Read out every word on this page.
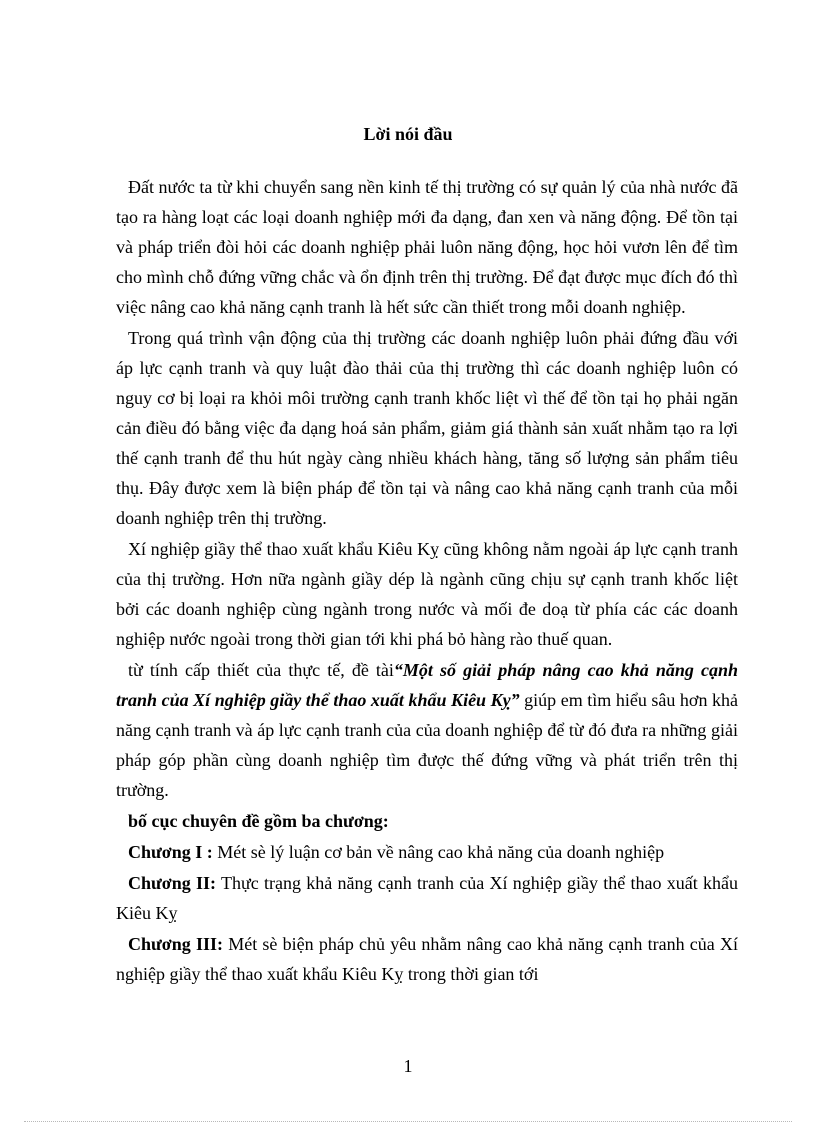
Lời nói đầu

Đất nước ta từ khi chuyển sang nền kinh tế thị trường có sự quản lý của nhà nước đã tạo ra hàng loạt các loại doanh nghiệp mới đa dạng, đan xen và năng động. Để tồn tại và pháp triển đòi hỏi các doanh nghiệp phải luôn năng động, học hỏi vươn lên để tìm cho mình chỗ đứng vững chắc và ổn định trên thị trường. Để đạt được mục đích đó thì việc nâng cao khả năng cạnh tranh là hết sức cần thiết trong mỗi doanh nghiệp.

Trong quá trình vận động của thị trường các doanh nghiệp luôn phải đứng đầu với áp lực cạnh tranh và quy luật đào thải của thị trường thì các doanh nghiệp luôn có nguy cơ bị loại ra khỏi môi trường cạnh tranh khốc liệt vì thế để tồn tại họ phải ngăn cản điều đó bằng việc đa dạng hoá sản phẩm, giảm giá thành sản xuất nhằm tạo ra lợi thế cạnh tranh để thu hút ngày càng nhiều khách hàng, tăng số lượng sản phẩm tiêu thụ. Đây được xem là biện pháp để tồn tại và nâng cao khả năng cạnh tranh của mỗi doanh nghiệp trên thị trường.

Xí nghiệp giầy thể thao xuất khẩu Kiêu Kỵ cũng không nằm ngoài áp lực cạnh tranh của thị trường. Hơn nữa ngành giầy dép là ngành cũng chịu sự cạnh tranh khốc liệt bởi các doanh nghiệp cùng ngành trong nước và mối đe doạ từ phía các các doanh nghiệp nước ngoài trong thời gian tới khi phá bỏ hàng rào thuế quan.

từ tính cấp thiết của thực tế, đề tài“Một số giải pháp nâng cao khả năng cạnh tranh của Xí nghiệp giầy thể thao xuất khẩu Kiêu Kỵ” giúp em tìm hiểu sâu hơn khả năng cạnh tranh và áp lực cạnh tranh của của doanh nghiệp để từ đó đưa ra những giải pháp góp phần cùng doanh nghiệp tìm được thế đứng vững và phát triển trên thị trường.

bố cục chuyên đề gồm ba chương:

Chương I : Mét sè lý luận cơ bản về nâng cao khả năng của doanh nghiệp

Chương II: Thực trạng khả năng cạnh tranh của Xí nghiệp giầy thể thao xuất khẩu Kiêu Kỵ

Chương III: Mét sè biện pháp chủ yêu nhằm nâng cao khả năng cạnh tranh của Xí nghiệp giầy thể thao xuất khẩu Kiêu Kỵ trong thời gian tới

1
